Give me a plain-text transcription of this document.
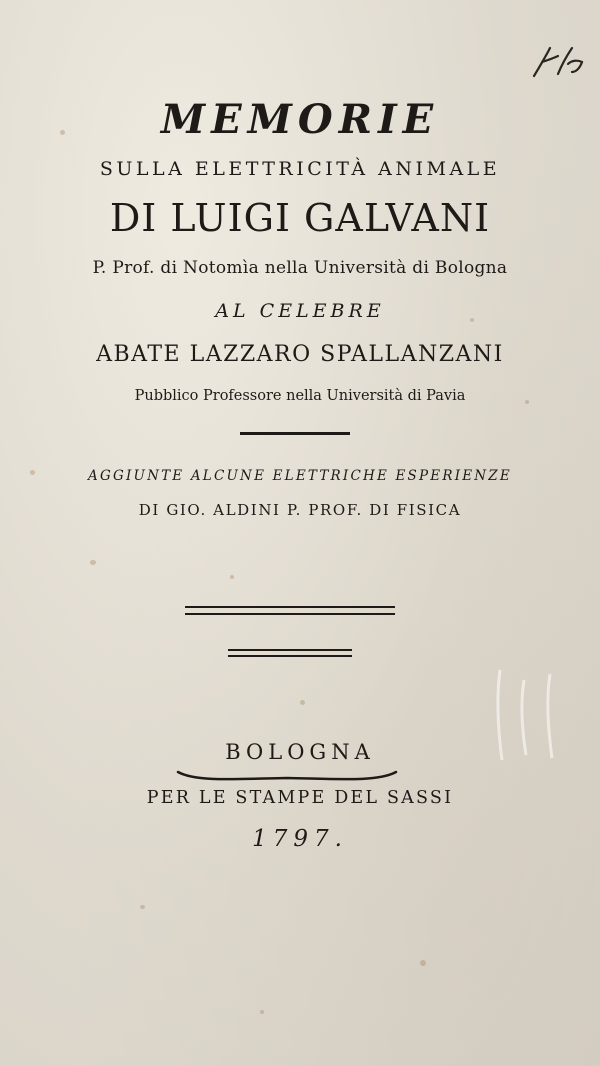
MEMORIE
SULLA ELETTRICITÀ ANIMALE
DI LUIGI GALVANI
P. Prof. di Notomìa nella Università di Bologna
AL CELEBRE
ABATE LAZZARO SPALLANZANI
Pubblico Professore nella Università di Pavia
AGGIUNTE ALCUNE ELETTRICHE ESPERIENZE
DI GIO. ALDINI P. PROF. DI FISICA
BOLOGNA
PER LE STAMPE DEL SASSI
1797.
